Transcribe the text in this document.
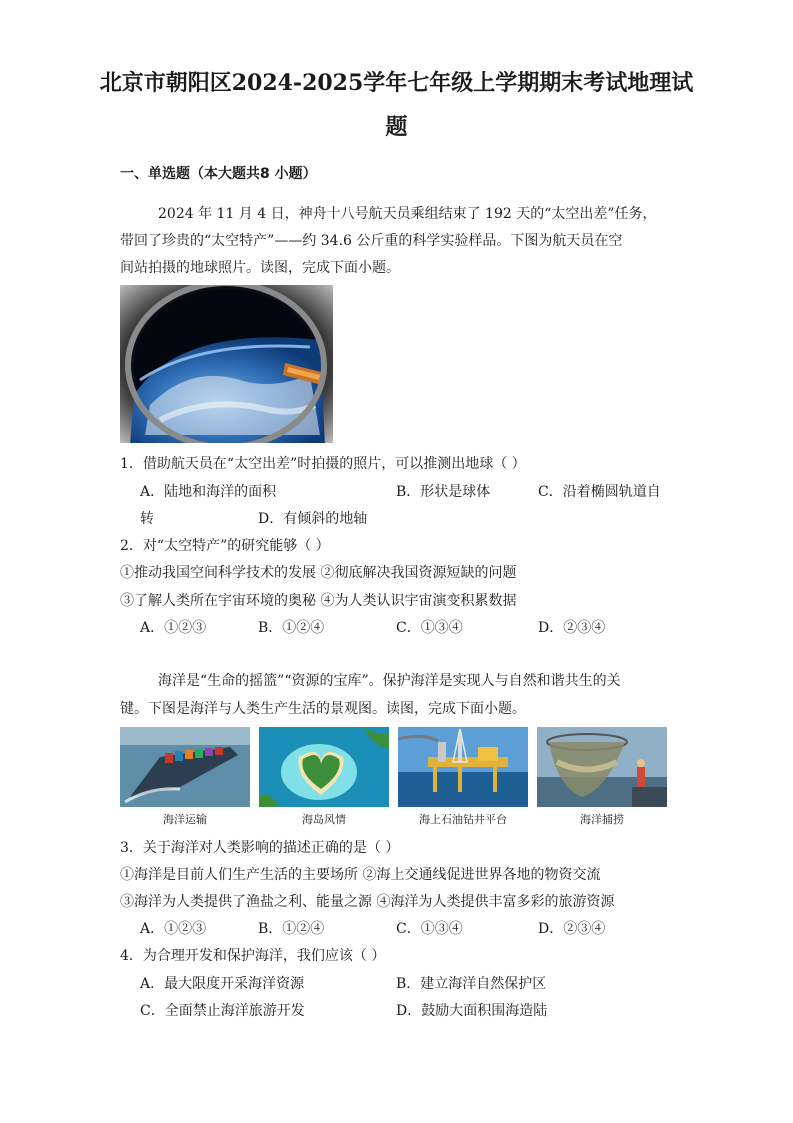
北京市朝阳区2024-2025学年七年级上学期期末考试地理试
题
一、单选题（本大题共8 小题）
2024 年 11 月 4 日，神舟十八号航天员乘组结束了 192 天的“太空出差”任务，
带回了珍贵的“太空特产”——约 34.6 公斤重的科学实验样品。下图为航天员在空
间站拍摄的地球照片。读图，完成下面小题。
1．借助航天员在“太空出差”时拍摄的照片，可以推测出地球（ ）
A．陆地和海洋的面积	B．形状是球体	C．沿着椭圆轨道自
转	D．有倾斜的地轴
2．对“太空特产”的研究能够（ ）
①推动我国空间科学技术的发展 ②彻底解决我国资源短缺的问题
③了解人类所在宇宙环境的奥秘 ④为人类认识宇宙演变积累数据
A．①②③	B．①②④	C．①③④	D．②③④
海洋是“生命的摇篮”“资源的宝库”。保护海洋是实现人与自然和谐共生的关
键。下图是海洋与人类生产生活的景观图。读图，完成下面小题。
海洋运输	海岛风情	海上石油钻井平台	海洋捕捞
3．关于海洋对人类影响的描述正确的是（ ）
①海洋是目前人们生产生活的主要场所 ②海上交通线促进世界各地的物资交流
③海洋为人类提供了渔盐之利、能量之源 ④海洋为人类提供丰富多彩的旅游资源
A．①②③	B．①②④	C．①③④	D．②③④
4．为合理开发和保护海洋，我们应该（ ）
A．最大限度开采海洋资源	B．建立海洋自然保护区
C．全面禁止海洋旅游开发	D．鼓励大面积围海造陆
